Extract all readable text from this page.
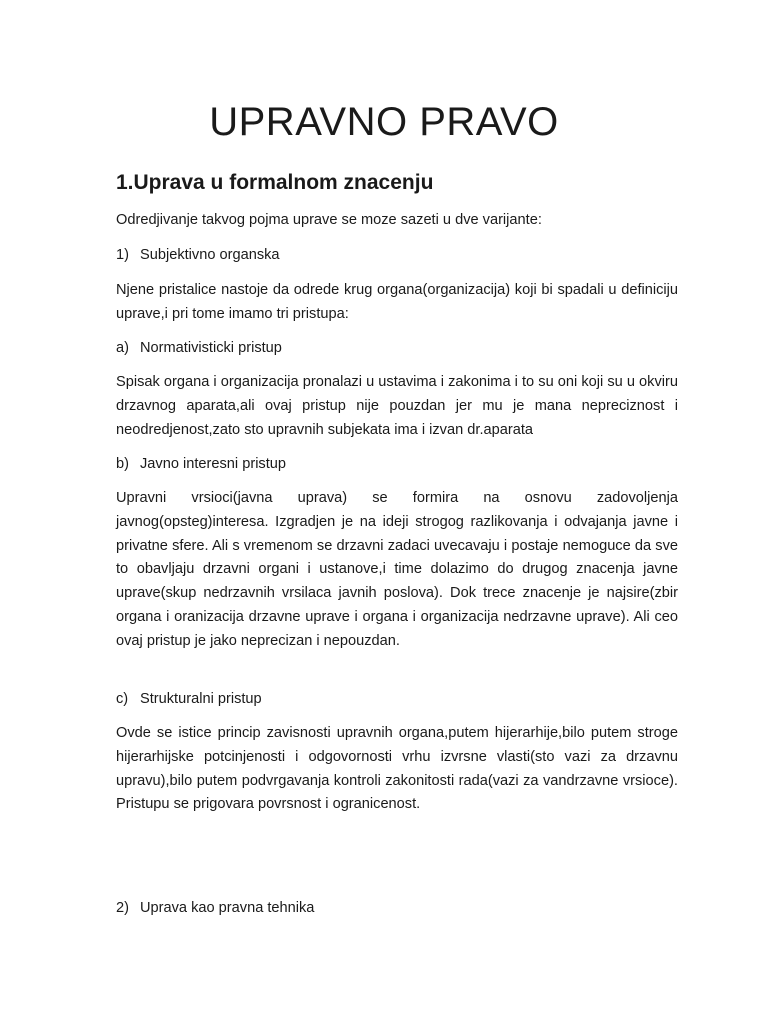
UPRAVNO PRAVO
1.Uprava u formalnom znacenju

Odredjivanje takvog pojma uprave se moze sazeti u dve varijante:

1) Subjektivno organska

Njene pristalice nastoje da odrede krug organa(organizacija) koji bi spadali u definiciju uprave,i pri tome imamo tri pristupa:

a) Normativisticki pristup

Spisak organa i organizacija pronalazi u ustavima i zakonima i to su oni koji su u okviru drzavnog aparata,ali ovaj pristup nije pouzdan jer mu je mana nepreciznost i neodredjenost,zato sto upravnih subjekata ima i izvan dr.aparata

b) Javno interesni pristup

Upravni vrsioci(javna uprava) se formira na osnovu zadovoljenja javnog(opsteg)interesa. Izgradjen je na ideji strogog razlikovanja i odvajanja javne i privatne sfere. Ali s vremenom se drzavni zadaci uvecavaju i postaje nemoguce da sve to obavljaju drzavni organi i ustanove,i time dolazimo do drugog znacenja javne uprave(skup nedrzavnih vrsilaca javnih poslova). Dok trece znacenje je najsire(zbir organa i oranizacija drzavne uprave i organa i organizacija nedrzavne uprave). Ali ceo ovaj pristup je jako neprecizan i nepouzdan.

c) Strukturalni pristup

Ovde se istice princip zavisnosti upravnih organa,putem hijerarhije,bilo putem stroge hijerarhijske potcinjenosti i odgovornosti vrhu izvrsne vlasti(sto vazi za drzavnu upravu),bilo putem podvrgavanja kontroli zakonitosti rada(vazi za vandrzavne vrsioce). Pristupu se prigovara povrsnost i ogranicenost.

2) Uprava kao pravna tehnika
